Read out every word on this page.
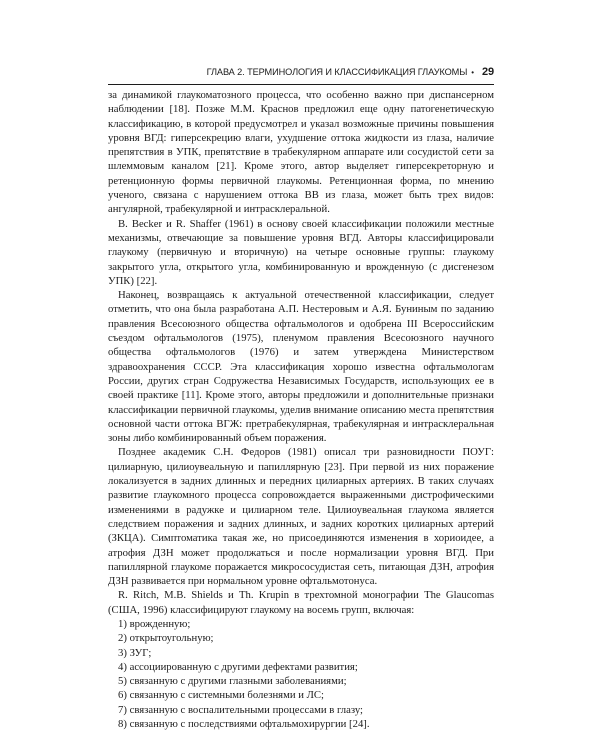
ГЛАВА 2. ТЕРМИНОЛОГИЯ И КЛАССИФИКАЦИЯ ГЛАУКОМЫ • 29

за динамикой глаукоматозного процесса, что особенно важно при диспансерном наблюдении [18]. Позже М.М. Краснов предложил еще одну патогенетическую классификацию, в которой предусмотрел и указал возможные причины повышения уровня ВГД: гиперсекрецию влаги, ухудшение оттока жидкости из глаза, наличие препятствия в УПК, препятствие в трабекулярном аппарате или сосудистой сети за шлеммовым каналом [21]. Кроме этого, автор выделяет гиперсекреторную и ретенционную формы первичной глаукомы. Ретенционная форма, по мнению ученого, связана с нарушением оттока ВВ из глаза, может быть трех видов: ангулярной, трабекулярной и интрасклеральной.

B. Becker и R. Shaffer (1961) в основу своей классификации положили местные механизмы, отвечающие за повышение уровня ВГД. Авторы классифицировали глаукому (первичную и вторичную) на четыре основные группы: глаукому закрытого угла, открытого угла, комбинированную и врожденную (с дисгенезом УПК) [22].

Наконец, возвращаясь к актуальной отечественной классификации, следует отметить, что она была разработана А.П. Нестеровым и А.Я. Буниным по заданию правления Всесоюзного общества офтальмологов и одобрена III Всероссийским съездом офтальмологов (1975), пленумом правления Всесоюзного научного общества офтальмологов (1976) и затем утверждена Министерством здравоохранения СССР. Эта классификация хорошо известна офтальмологам России, других стран Содружества Независимых Государств, использующих ее в своей практике [11]. Кроме этого, авторы предложили и дополнительные признаки классификации первичной глаукомы, уделив внимание описанию места препятствия основной части оттока ВГЖ: претрабекулярная, трабекулярная и интрасклеральная зоны либо комбинированный объем поражения.

Позднее академик С.Н. Федоров (1981) описал три разновидности ПОУГ: цилиарную, цилиоувеальную и папиллярную [23]. При первой из них поражение локализуется в задних длинных и передних цилиарных артериях. В таких случаях развитие глаукомного процесса сопровождается выраженными дистрофическими изменениями в радужке и цилиарном теле. Цилиоувеальная глаукома является следствием поражения и задних длинных, и задних коротких цилиарных артерий (ЗКЦА). Симптоматика такая же, но присоединяются изменения в хориоидее, а атрофия ДЗН может продолжаться и после нормализации уровня ВГД. При папиллярной глаукоме поражается микрососудистая сеть, питающая ДЗН, атрофия ДЗН развивается при нормальном уровне офтальмотонуса.

R. Ritch, M.B. Shields и Th. Krupin в трехтомной монографии The Glaucomas (США, 1996) классифицируют глаукому на восемь групп, включая:

1) врожденную;
2) открытоугольную;
3) ЗУГ;
4) ассоциированную с другими дефектами развития;
5) связанную с другими глазными заболеваниями;
6) связанную с системными болезнями и ЛС;
7) связанную с воспалительными процессами в глазу;
8) связанную с последствиями офтальмохирургии [24].
